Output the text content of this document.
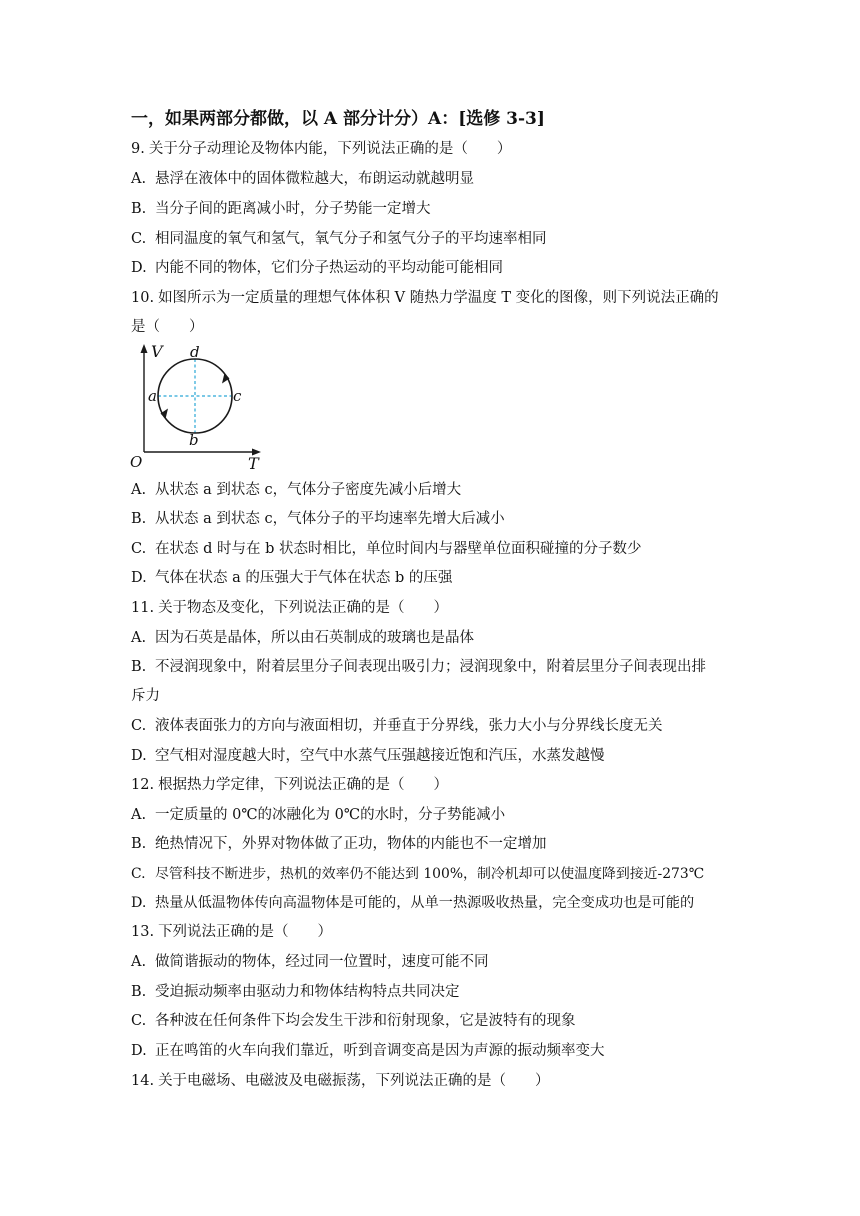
一，如果两部分都做，以 A 部分计分）A：[选修 3-3]
9. 关于分子动理论及物体内能，下列说法正确的是（　　）
A. 悬浮在液体中的固体微粒越大，布朗运动就越明显
B. 当分子间的距离减小时，分子势能一定增大
C. 相同温度的氧气和氢气，氧气分子和氢气分子的平均速率相同
D. 内能不同的物体，它们分子热运动的平均动能可能相同
10. 如图所示为一定质量的理想气体体积 V 随热力学温度 T 变化的图像，则下列说法正确的
是（　　）
V
T
O
d
a	c
b
A. 从状态 a 到状态 c，气体分子密度先减小后增大
B. 从状态 a 到状态 c，气体分子的平均速率先增大后减小
C. 在状态 d 时与在 b 状态时相比，单位时间内与器壁单位面积碰撞的分子数少
D. 气体在状态 a 的压强大于气体在状态 b 的压强
11. 关于物态及变化，下列说法正确的是（　　）
A. 因为石英是晶体，所以由石英制成的玻璃也是晶体
B. 不浸润现象中，附着层里分子间表现出吸引力；浸润现象中，附着层里分子间表现出排
斥力
C. 液体表面张力的方向与液面相切，并垂直于分界线，张力大小与分界线长度无关
D. 空气相对湿度越大时，空气中水蒸气压强越接近饱和汽压，水蒸发越慢
12. 根据热力学定律，下列说法正确的是（　　）
A. 一定质量的 0℃的冰融化为 0℃的水时，分子势能减小
B. 绝热情况下，外界对物体做了正功，物体的内能也不一定增加
C. 尽管科技不断进步，热机的效率仍不能达到 100%，制冷机却可以使温度降到接近-273℃
D. 热量从低温物体传向高温物体是可能的，从单一热源吸收热量，完全变成功也是可能的
13. 下列说法正确的是（　　）
A. 做简谐振动的物体，经过同一位置时，速度可能不同
B. 受迫振动频率由驱动力和物体结构特点共同决定
C. 各种波在任何条件下均会发生干涉和衍射现象，它是波特有的现象
D. 正在鸣笛的火车向我们靠近，听到音调变高是因为声源的振动频率变大
14. 关于电磁场、电磁波及电磁振荡，下列说法正确的是（　　）
